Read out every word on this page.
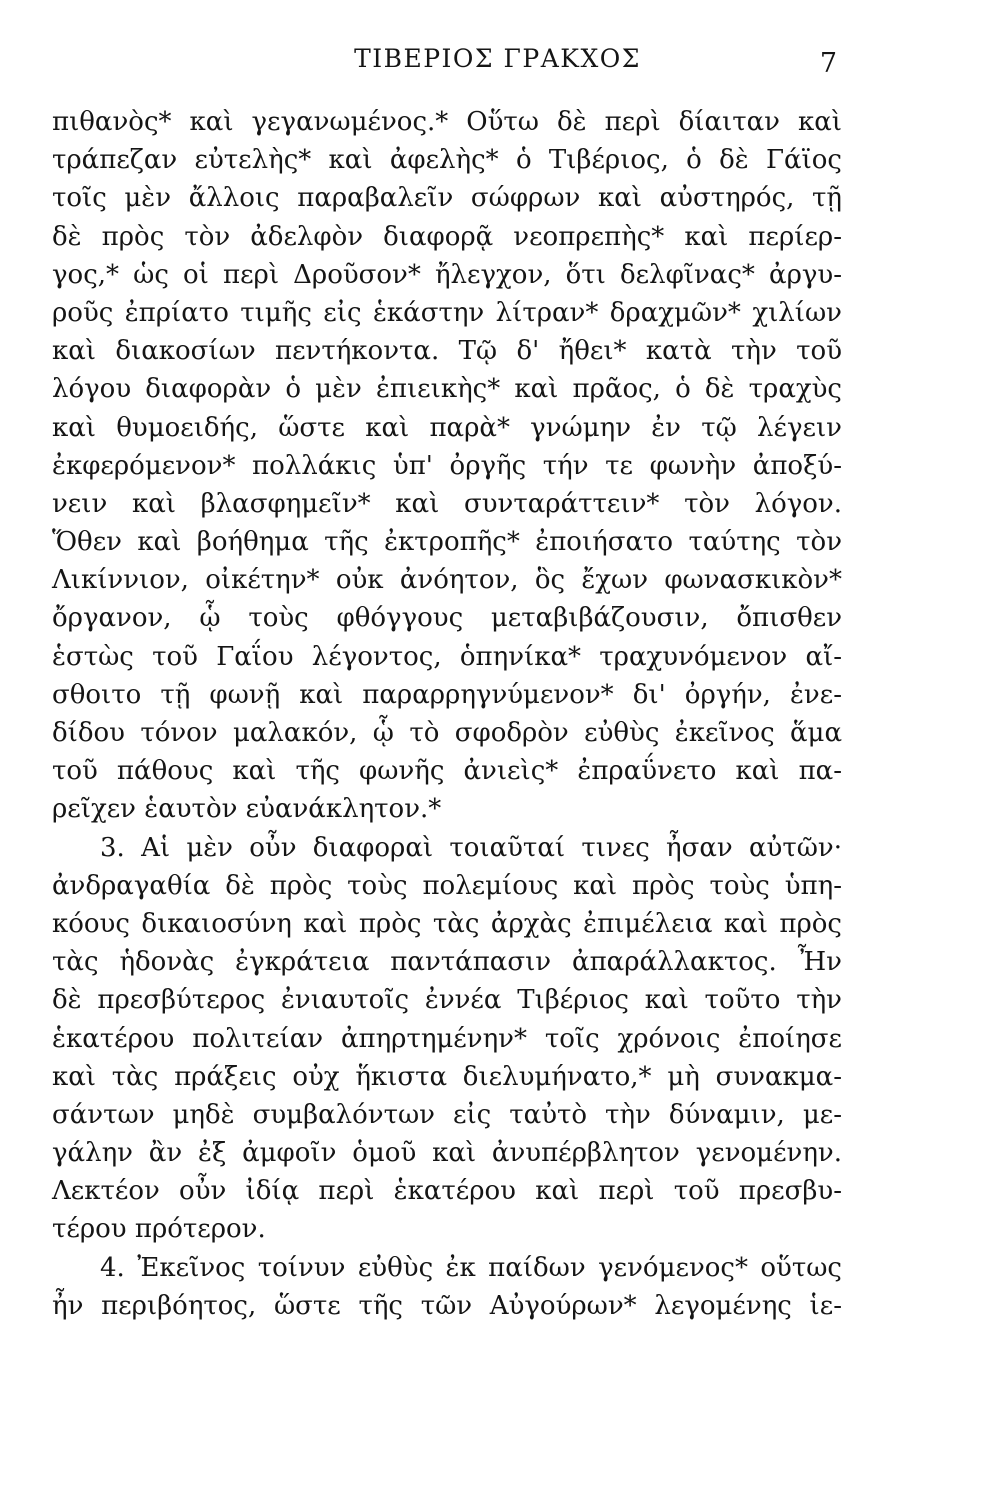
ΤΙΒΕΡΙΟΣ ΓΡΑΚΧΟΣ	7
πιθανὸς* καὶ γεγανωμένος.* Οὕτω δὲ περὶ δίαιταν καὶ
τράπεζαν εὐτελὴς* καὶ ἀφελὴς* ὁ Τιβέριος, ὁ δὲ Γάϊος
τοῖς μὲν ἄλλοις παραβαλεῖν σώφρων καὶ αὐστηρός, τῇ
δὲ πρὸς τὸν ἀδελφὸν διαφορᾷ νεοπρεπὴς* καὶ περίερ-
γος,* ὡς οἱ περὶ Δροῦσον* ἤλεγχον, ὅτι δελφῖνας* ἀργυ-
ροῦς ἐπρίατο τιμῆς εἰς ἑκάστην λίτραν* δραχμῶν* χιλίων
καὶ διακοσίων πεντήκοντα. Τῷ δ' ἤθει* κατὰ τὴν τοῦ
λόγου διαφορὰν ὁ μὲν ἐπιεικὴς* καὶ πρᾶος, ὁ δὲ τραχὺς
καὶ θυμοειδής, ὥστε καὶ παρὰ* γνώμην ἐν τῷ λέγειν
ἐκφερόμενον* πολλάκις ὑπ' ὀργῆς τήν τε φωνὴν ἀποξύ-
νειν καὶ βλασφημεῖν* καὶ συνταράττειν* τὸν λόγον.
Ὅθεν καὶ βοήθημα τῆς ἐκτροπῆς* ἐποιήσατο ταύτης τὸν
Λικίννιον, οἰκέτην* οὐκ ἀνόητον, ὃς ἔχων φωνασκικὸν*
ὄργανον, ᾧ τοὺς φθόγγους μεταβιβάζουσιν, ὄπισθεν
ἑστὼς τοῦ Γαΐου λέγοντος, ὁπηνίκα* τραχυνόμενον αἴ-
σθοιτο τῇ φωνῇ καὶ παραρρηγνύμενον* δι' ὀργήν, ἐνε-
δίδου τόνον μαλακόν, ᾧ τὸ σφοδρὸν εὐθὺς ἐκεῖνος ἅμα
τοῦ πάθους καὶ τῆς φωνῆς ἀνιεὶς* ἐπραΰνετο καὶ πα-
ρεῖχεν ἑαυτὸν εὐανάκλητον.*
3. Αἱ μὲν οὖν διαφοραὶ τοιαῦταί τινες ἦσαν αὐτῶν·
ἀνδραγαθία δὲ πρὸς τοὺς πολεμίους καὶ πρὸς τοὺς ὑπη-
κόους δικαιοσύνη καὶ πρὸς τὰς ἀρχὰς ἐπιμέλεια καὶ πρὸς
τὰς ἡδονὰς ἐγκράτεια παντάπασιν ἀπαράλλακτος. Ἦν
δὲ πρεσβύτερος ἐνιαυτοῖς ἐννέα Τιβέριος καὶ τοῦτο τὴν
ἑκατέρου πολιτείαν ἀπηρτημένην* τοῖς χρόνοις ἐποίησε
καὶ τὰς πράξεις οὐχ ἥκιστα διελυμήνατο,* μὴ συνακμα-
σάντων μηδὲ συμβαλόντων εἰς ταὐτὸ τὴν δύναμιν, με-
γάλην ἂν ἐξ ἀμφοῖν ὁμοῦ καὶ ἀνυπέρβλητον γενομένην.
Λεκτέον οὖν ἰδίᾳ περὶ ἑκατέρου καὶ περὶ τοῦ πρεσβυ-
τέρου πρότερον.
4. Ἐκεῖνος τοίνυν εὐθὺς ἐκ παίδων γενόμενος* οὕτως
ἦν περιβόητος, ὥστε τῆς τῶν Αὐγούρων* λεγομένης ἱε-
